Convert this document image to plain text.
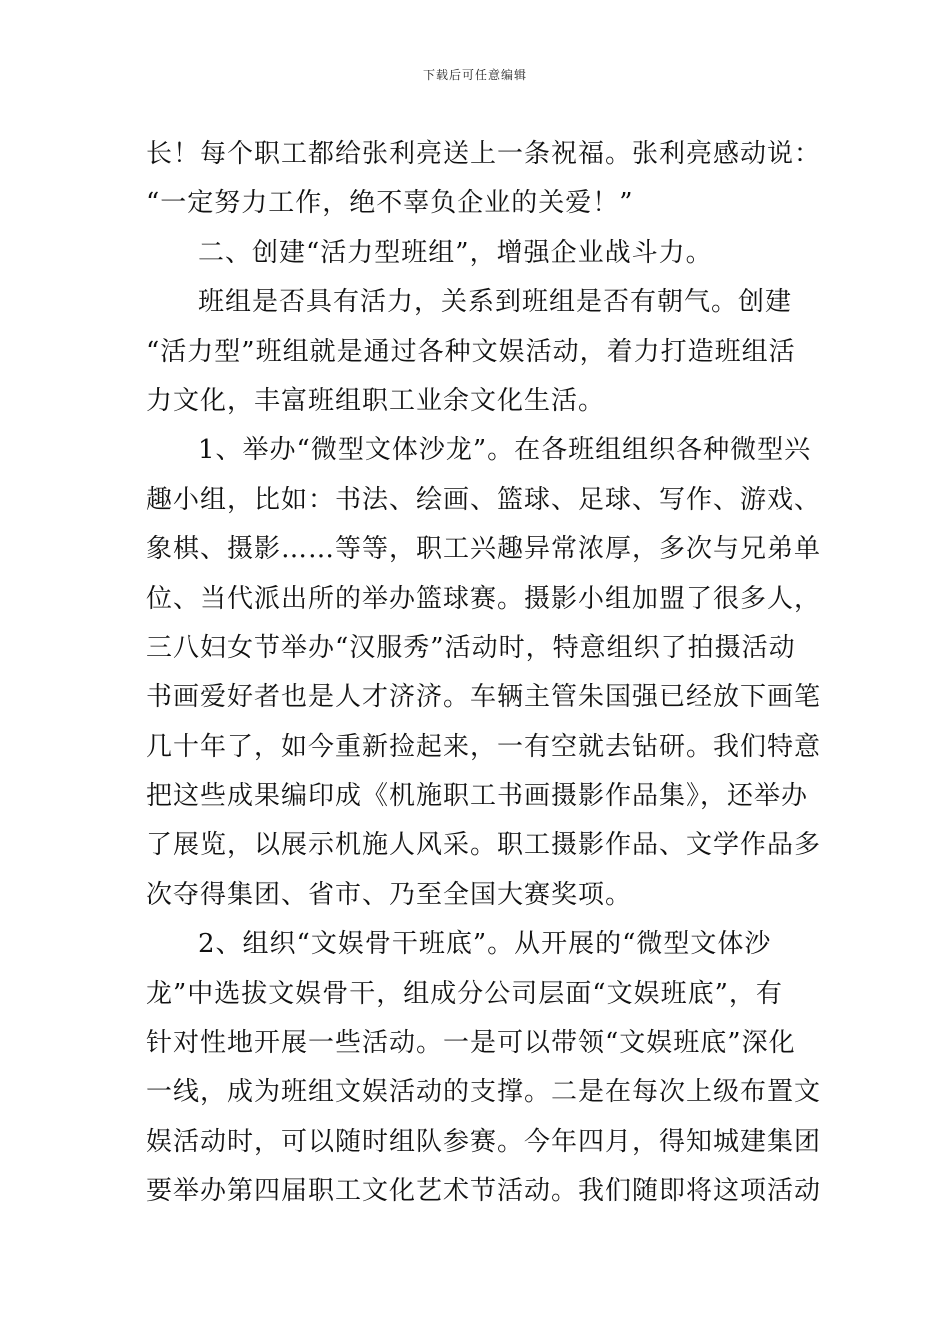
下载后可任意编辑
长！每个职工都给张利亮送上一条祝福。张利亮感动说：
“一定努力工作，绝不辜负企业的关爱！”
二、创建“活力型班组”，增强企业战斗力。
班组是否具有活力，关系到班组是否有朝气。创建
“活力型”班组就是通过各种文娱活动，着力打造班组活
力文化，丰富班组职工业余文化生活。
1、举办“微型文体沙龙”。在各班组组织各种微型兴
趣小组，比如：书法、绘画、篮球、足球、写作、游戏、
象棋、摄影……等等，职工兴趣异常浓厚，多次与兄弟单
位、当代派出所的举办篮球赛。摄影小组加盟了很多人，
三八妇女节举办“汉服秀”活动时，特意组织了拍摄活动
书画爱好者也是人才济济。车辆主管朱国强已经放下画笔
几十年了，如今重新捡起来，一有空就去钻研。我们特意
把这些成果编印成《机施职工书画摄影作品集》，还举办
了展览，以展示机施人风采。职工摄影作品、文学作品多
次夺得集团、省市、乃至全国大赛奖项。
2、组织“文娱骨干班底”。从开展的“微型文体沙
龙”中选拔文娱骨干，组成分公司层面“文娱班底”，有
针对性地开展一些活动。一是可以带领“文娱班底”深化
一线，成为班组文娱活动的支撑。二是在每次上级布置文
娱活动时，可以随时组队参赛。今年四月，得知城建集团
要举办第四届职工文化艺术节活动。我们随即将这项活动
